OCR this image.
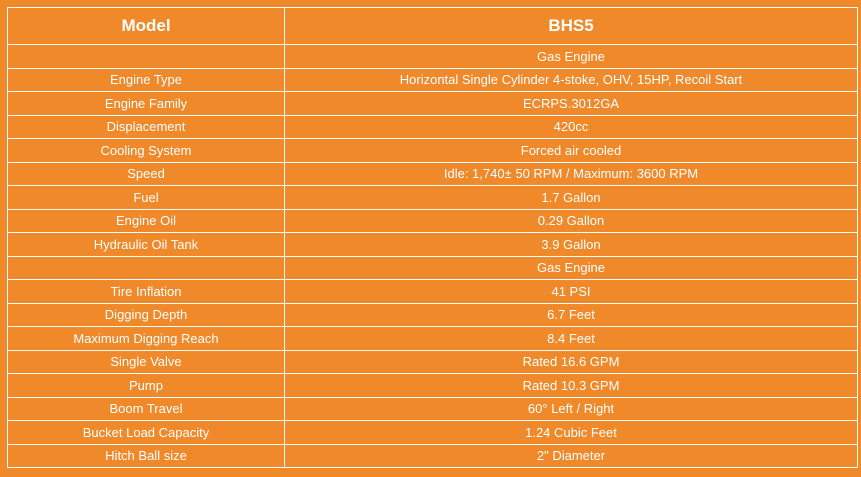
Model	BHS5
	Gas Engine
Engine Type	Horizontal Single Cylinder 4-stoke, OHV, 15HP, Recoil Start
Engine Family	ECRPS.3012GA
Displacement	420cc
Cooling System	Forced air cooled
Speed	Idle: 1,740± 50 RPM / Maximum: 3600 RPM
Fuel	1.7 Gallon
Engine Oil	0.29 Gallon
Hydraulic Oil Tank	3.9 Gallon
	Gas Engine
Tire Inflation	41 PSI
Digging Depth	6.7 Feet
Maximum Digging Reach	8.4 Feet
Single Valve	Rated 16.6 GPM
Pump	Rated 10.3 GPM
Boom Travel	60° Left / Right
Bucket Load Capacity	1.24 Cubic Feet
Hitch Ball size	2" Diameter
